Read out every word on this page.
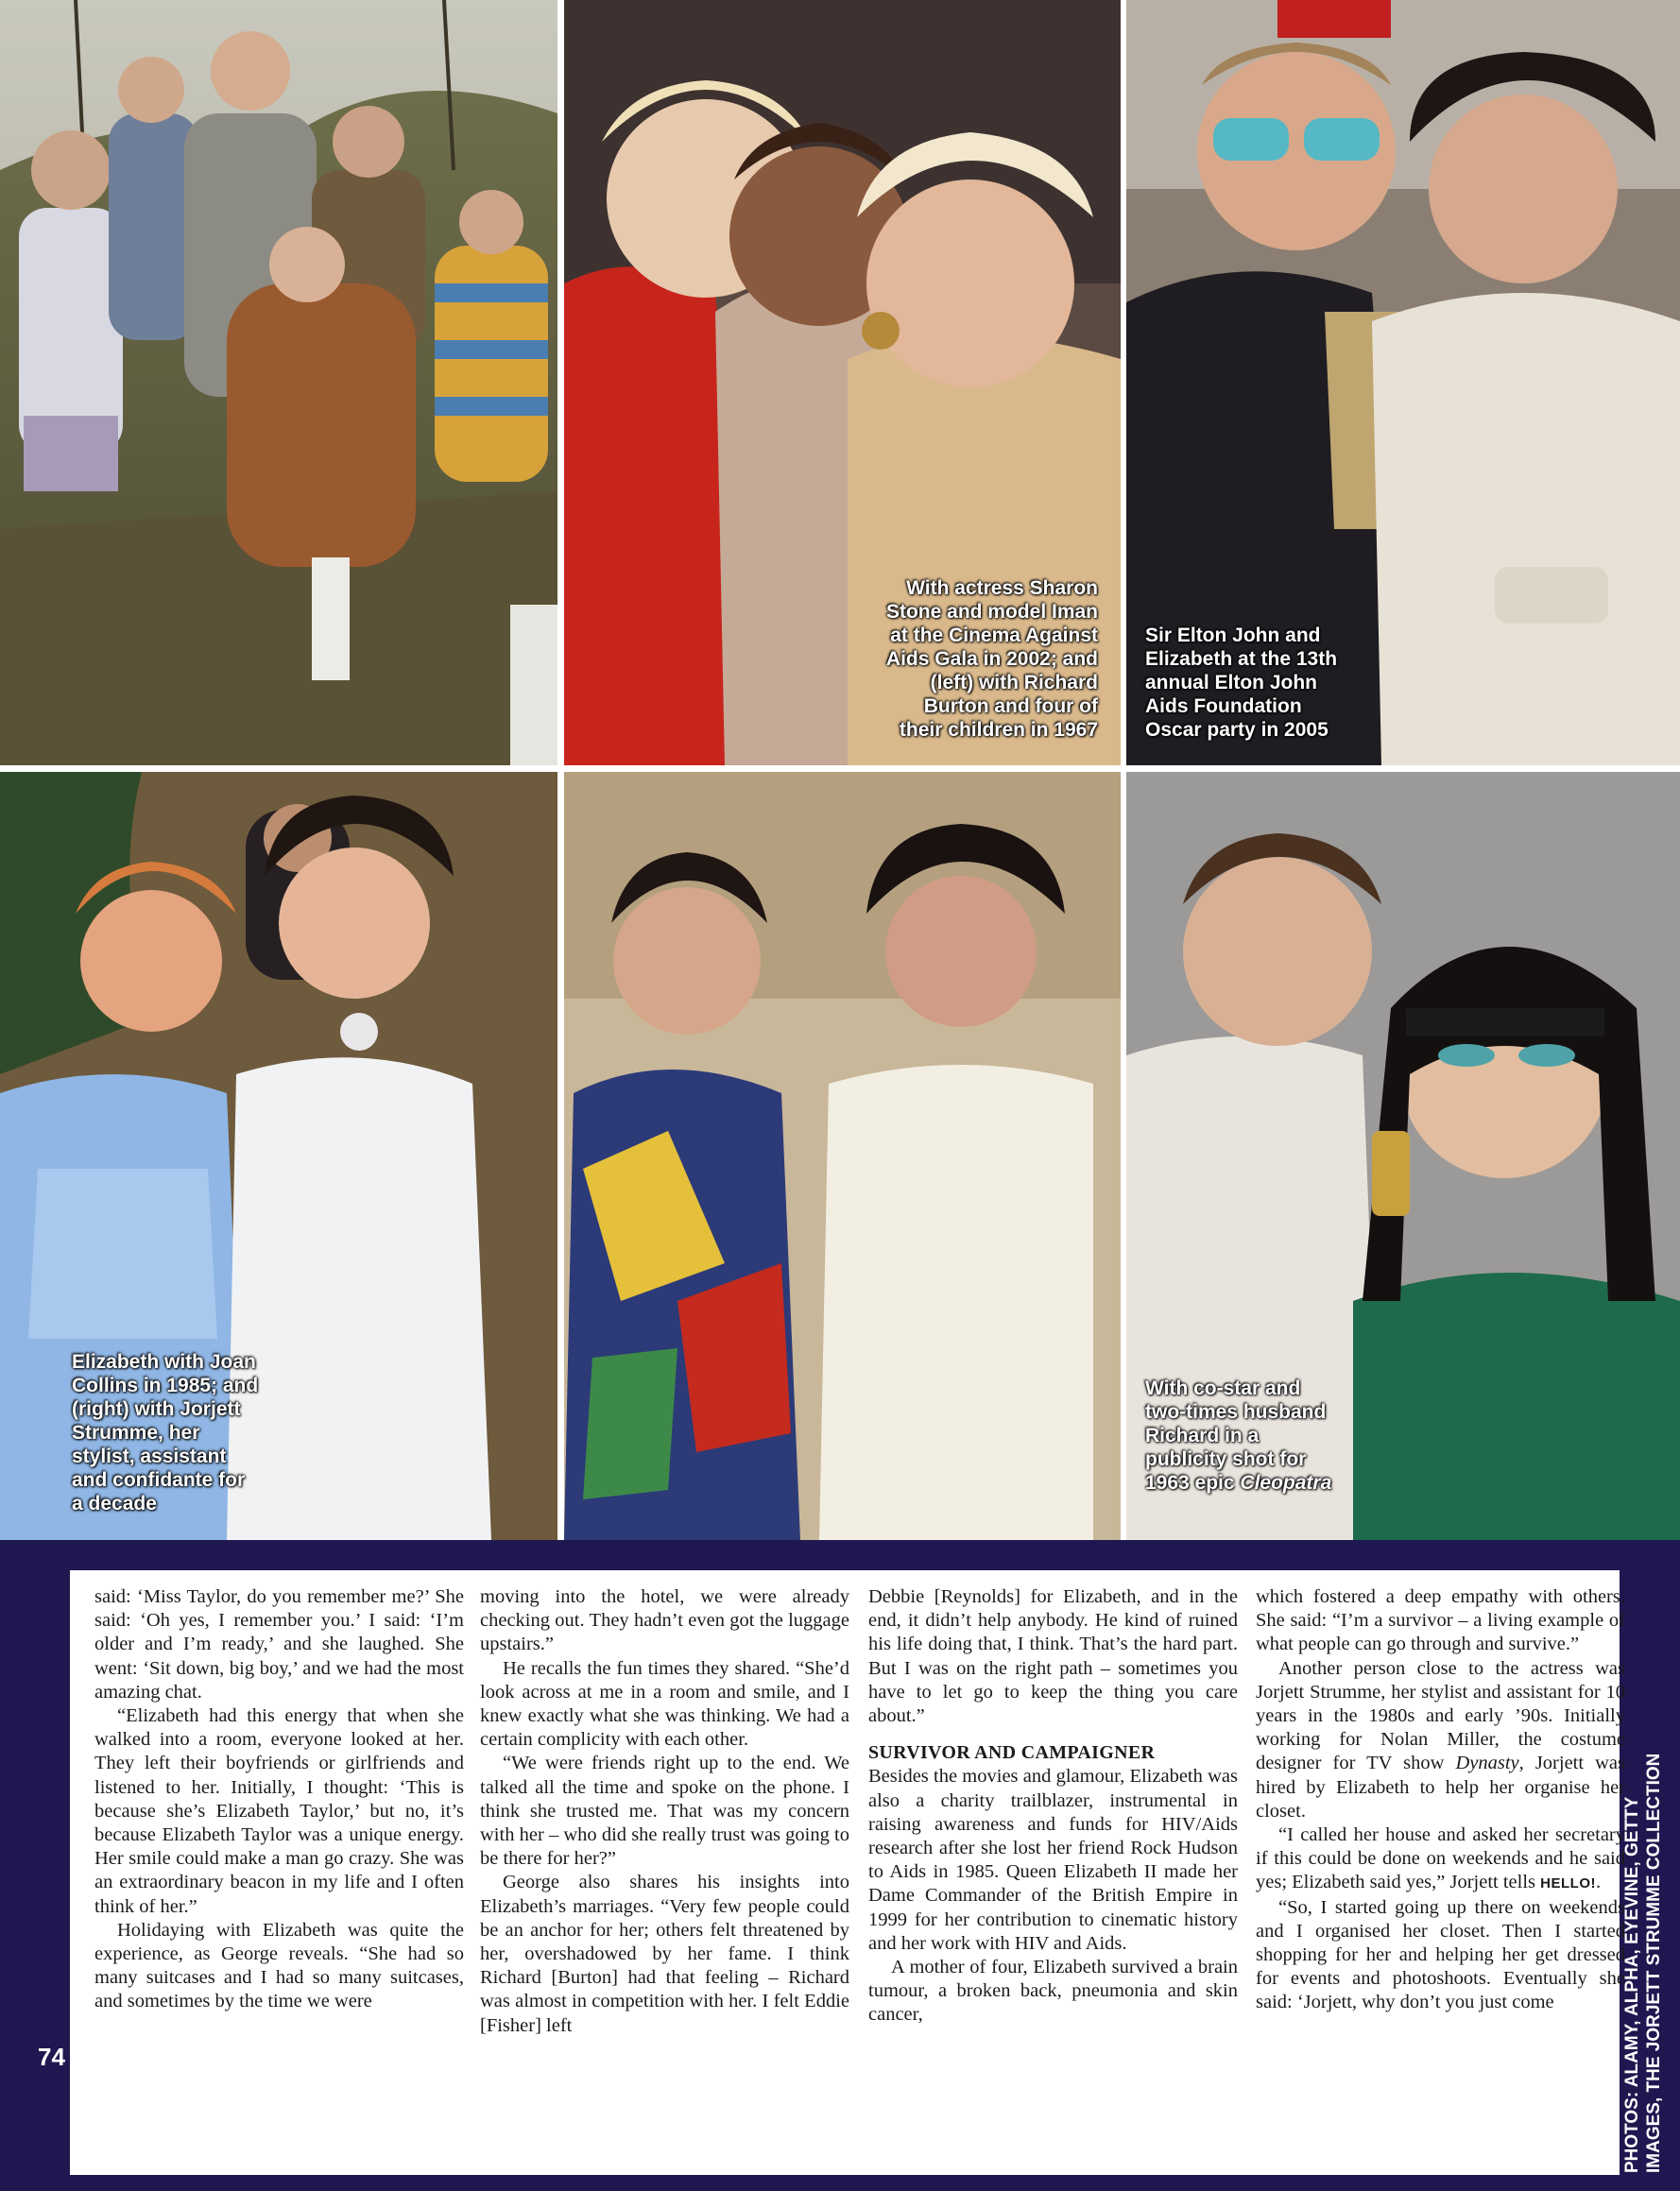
With actress Sharon
Stone and model Iman
at the Cinema Against
Aids Gala in 2002; and
(left) with Richard
Burton and four of
their children in 1967
Sir Elton John and
Elizabeth at the 13th
annual Elton John
Aids Foundation
Oscar party in 2005
Elizabeth with Joan
Collins in 1985; and
(right) with Jorjett
Strumme, her
stylist, assistant
and confidante for
a decade
With co-star and
two-times husband
Richard in a
publicity shot for
1963 epic Cleopatra

said: ‘Miss Taylor, do you remember me?’ She said: ‘Oh yes, I remember you.’ I said: ‘I’m older and I’m ready,’ and she laughed. She went: ‘Sit down, big boy,’ and we had the most amazing chat.

“Elizabeth had this energy that when she walked into a room, everyone looked at her. They left their boyfriends or girlfriends and listened to her. Initially, I thought: ‘This is because she’s Elizabeth Taylor,’ but no, it’s because Elizabeth Taylor was a unique energy. Her smile could make a man go crazy. She was an extraordinary beacon in my life and I often think of her.”

Holidaying with Elizabeth was quite the experience, as George reveals. “She had so many suitcases and I had so many suitcases, and sometimes by the time we were

moving into the hotel, we were already checking out. They hadn’t even got the luggage upstairs.”

He recalls the fun times they shared. “She’d look across at me in a room and smile, and I knew exactly what she was thinking. We had a certain complicity with each other.

“We were friends right up to the end. We talked all the time and spoke on the phone. I think she trusted me. That was my concern with her – who did she really trust was going to be there for her?”

George also shares his insights into Elizabeth’s marriages. “Very few people could be an anchor for her; others felt threatened by her, overshadowed by her fame. I think Richard [Burton] had that feeling – Richard was almost in competition with her. I felt Eddie [Fisher] left

Debbie [Reynolds] for Elizabeth, and in the end, it didn’t help anybody. He kind of ruined his life doing that, I think. That’s the hard part. But I was on the right path – sometimes you have to let go to keep the thing you care about.”

SURVIVOR AND CAMPAIGNER

Besides the movies and glamour, Elizabeth was also a charity trailblazer, instrumental in raising awareness and funds for HIV/Aids research after she lost her friend Rock Hudson to Aids in 1985. Queen Elizabeth II made her Dame Commander of the British Empire in 1999 for her contribution to cinematic history and her work with HIV and Aids.

A mother of four, Elizabeth survived a brain tumour, a broken back, pneumonia and skin cancer,

which fostered a deep empathy with others. She said: “I’m a survivor – a living example of what people can go through and survive.”

Another person close to the actress was Jorjett Strumme, her stylist and assistant for 10 years in the 1980s and early ’90s. Initially working for Nolan Miller, the costume designer for TV show Dynasty, Jorjett was hired by Elizabeth to help her organise her closet.

“I called her house and asked her secretary if this could be done on weekends and he said yes; Elizabeth said yes,” Jorjett tells HELLO!.

“So, I started going up there on weekends and I organised her closet. Then I started shopping for her and helping her get dressed for events and photoshoots. Eventually she said: ‘Jorjett, why don’t you just come

74
PHOTOS: ALAMY, ALPHA, EYEVINE, GETTY
IMAGES, THE JORJETT STRUMME COLLECTION
